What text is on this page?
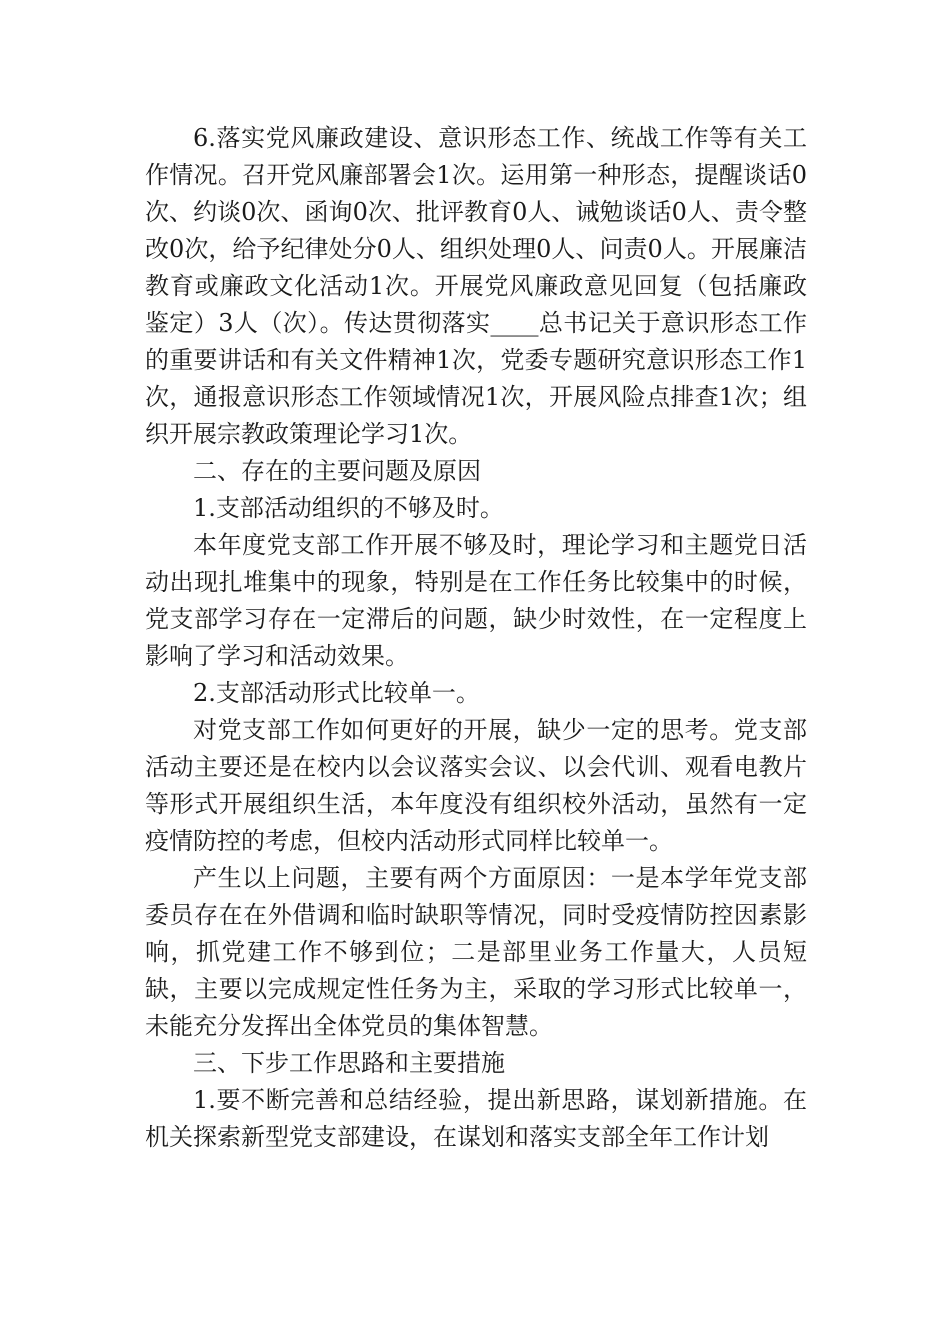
6.落实党风廉政建设、意识形态工作、统战工作等有关工作情况。召开党风廉部署会1次。运用第一种形态，提醒谈话0次、约谈0次、函询0次、批评教育0人、诫勉谈话0人、责令整改0次，给予纪律处分0人、组织处理0人、问责0人。开展廉洁教育或廉政文化活动1次。开展党风廉政意见回复（包括廉政鉴定）3人（次）。传达贯彻落实____总书记关于意识形态工作的重要讲话和有关文件精神1次，党委专题研究意识形态工作1次，通报意识形态工作领域情况1次，开展风险点排查1次；组织开展宗教政策理论学习1次。

二、存在的主要问题及原因

1.支部活动组织的不够及时。

本年度党支部工作开展不够及时，理论学习和主题党日活动出现扎堆集中的现象，特别是在工作任务比较集中的时候，党支部学习存在一定滞后的问题，缺少时效性，在一定程度上影响了学习和活动效果。

2.支部活动形式比较单一。

对党支部工作如何更好的开展，缺少一定的思考。党支部活动主要还是在校内以会议落实会议、以会代训、观看电教片等形式开展组织生活，本年度没有组织校外活动，虽然有一定疫情防控的考虑，但校内活动形式同样比较单一。

产生以上问题，主要有两个方面原因：一是本学年党支部委员存在在外借调和临时缺职等情况，同时受疫情防控因素影响，抓党建工作不够到位；二是部里业务工作量大，人员短缺，主要以完成规定性任务为主，采取的学习形式比较单一，未能充分发挥出全体党员的集体智慧。

三、下步工作思路和主要措施

1.要不断完善和总结经验，提出新思路，谋划新措施。在机关探索新型党支部建设，在谋划和落实支部全年工作计划
